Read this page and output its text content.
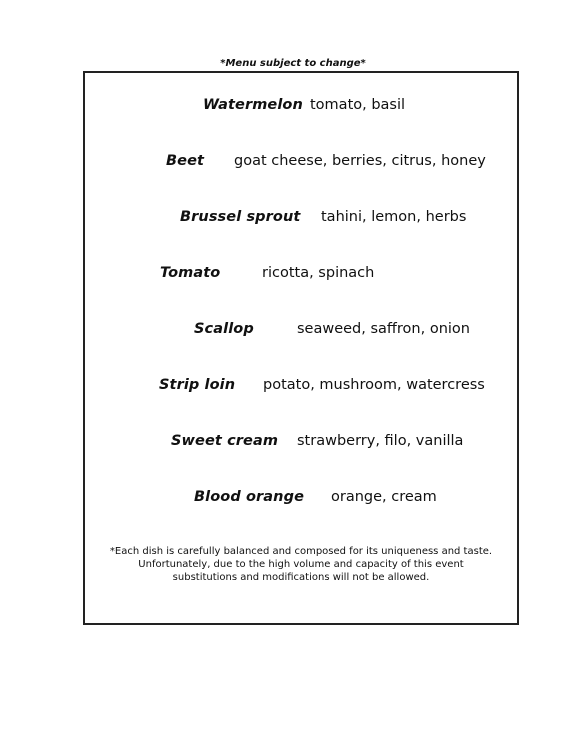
*Menu subject to change*
Watermelon tomato, basil
Beet goat cheese, berries, citrus, honey
Brussel sprout tahini, lemon, herbs
Tomato	ricotta, spinach
Scallop	seaweed, saffron, onion
Strip loin potato, mushroom, watercress
Sweet cream strawberry, filo, vanilla
Blood orange orange, cream
*Each dish is carefully balanced and composed for its uniqueness and taste.
Unfortunately, due to the high volume and capacity of this event
substitutions and modifications will not be allowed.
